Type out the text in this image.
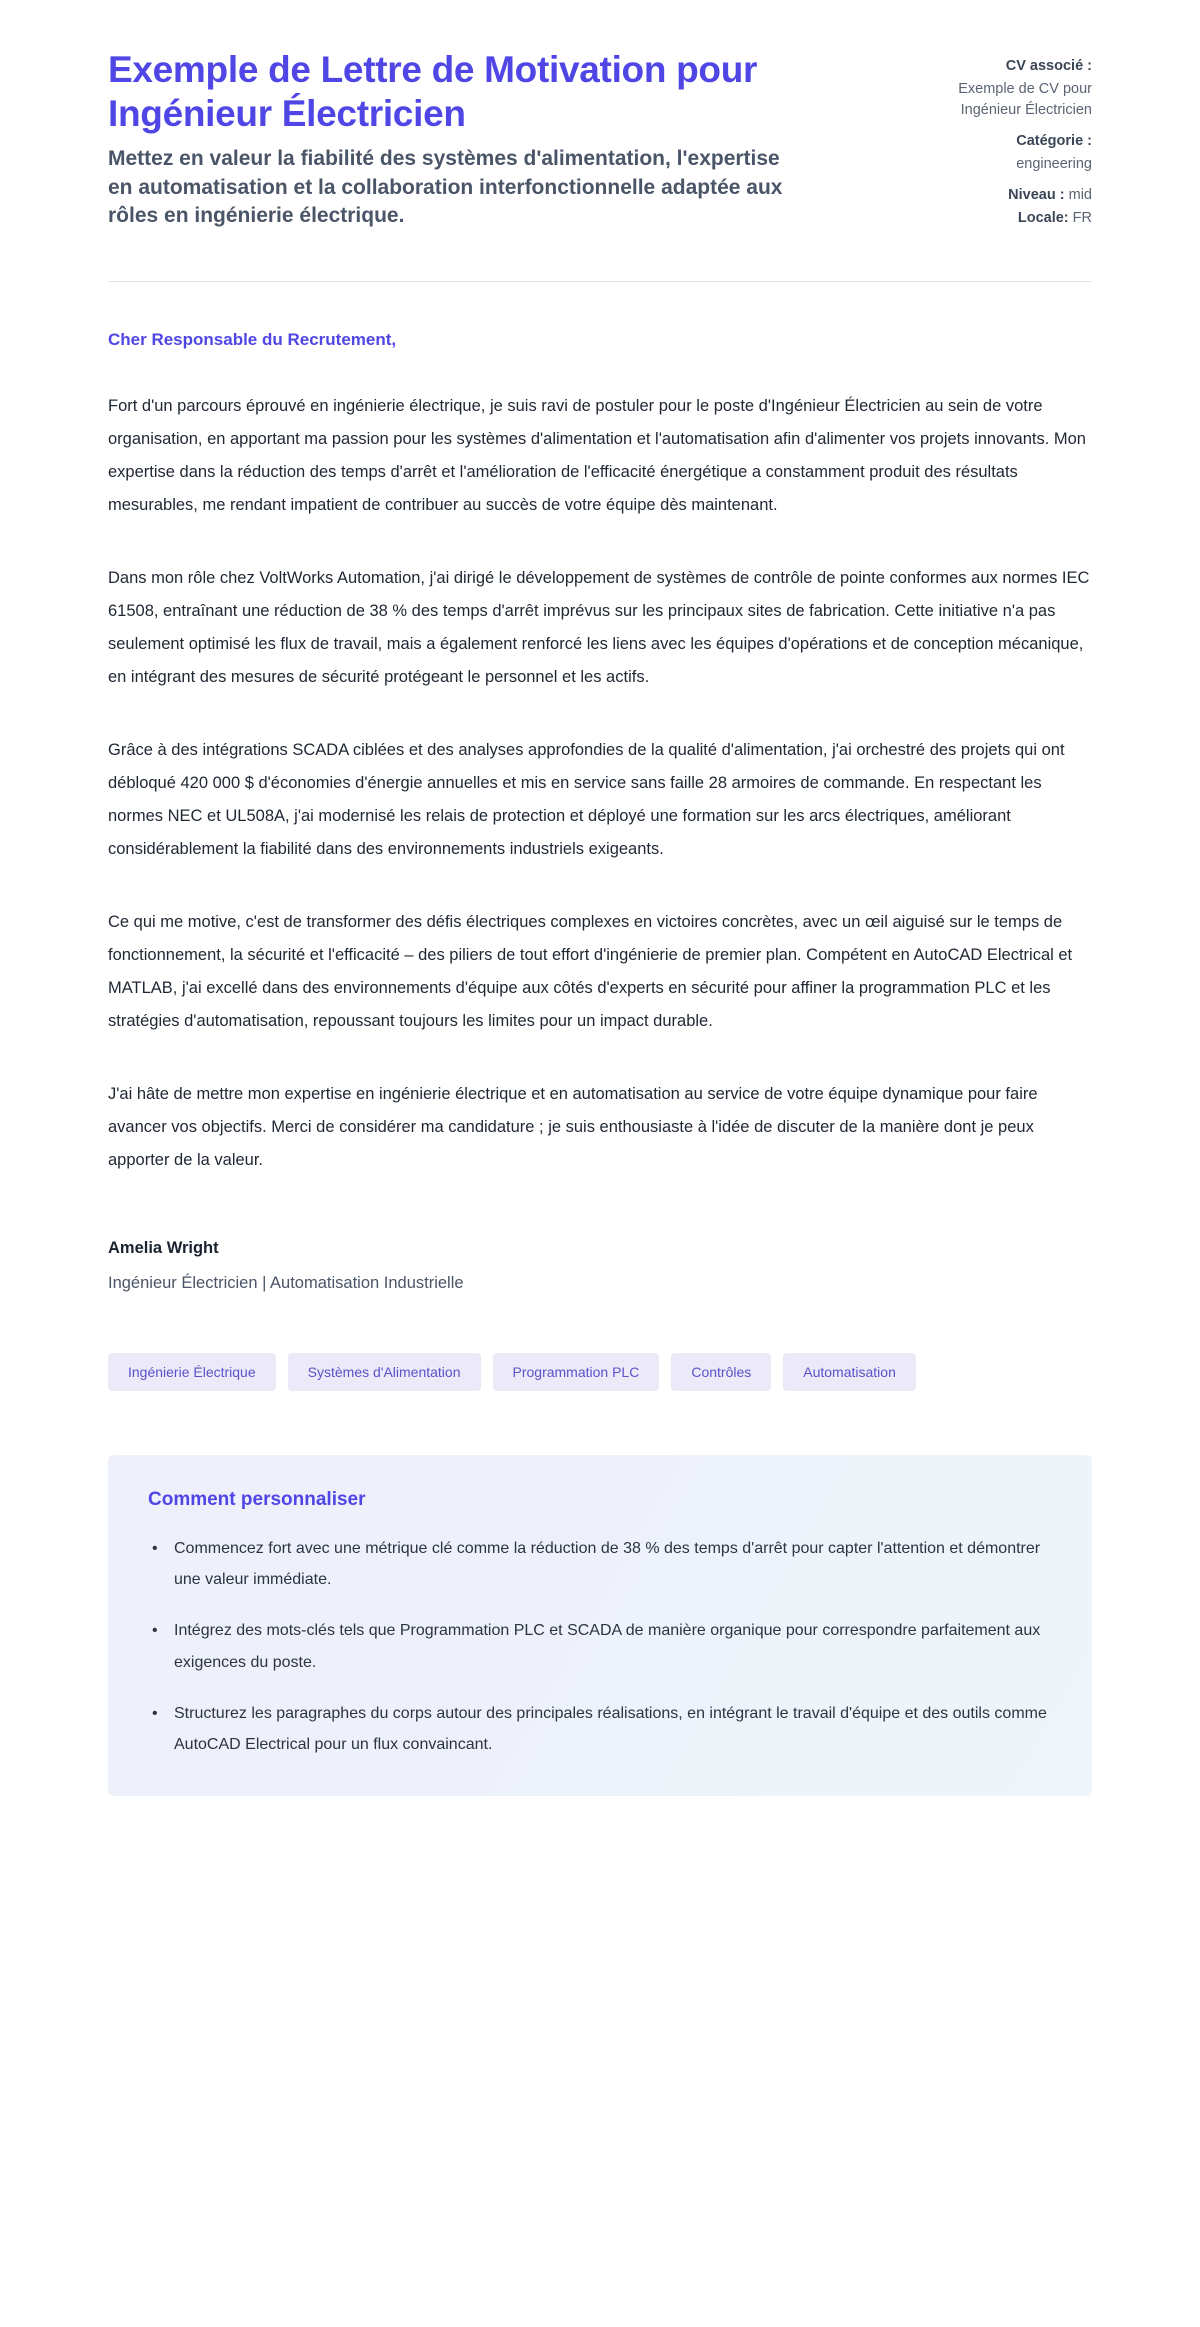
Exemple de Lettre de Motivation pour Ingénieur Électricien

Mettez en valeur la fiabilité des systèmes d'alimentation, l'expertise en automatisation et la collaboration interfonctionnelle adaptée aux rôles en ingénierie électrique.

CV associé :
Exemple de CV pour Ingénieur Électricien
Catégorie :
engineering
Niveau : mid
Locale: FR

Cher Responsable du Recrutement,

Fort d'un parcours éprouvé en ingénierie électrique, je suis ravi de postuler pour le poste d'Ingénieur Électricien au sein de votre organisation, en apportant ma passion pour les systèmes d'alimentation et l'automatisation afin d'alimenter vos projets innovants. Mon expertise dans la réduction des temps d'arrêt et l'amélioration de l'efficacité énergétique a constamment produit des résultats mesurables, me rendant impatient de contribuer au succès de votre équipe dès maintenant.

Dans mon rôle chez VoltWorks Automation, j'ai dirigé le développement de systèmes de contrôle de pointe conformes aux normes IEC 61508, entraînant une réduction de 38 % des temps d'arrêt imprévus sur les principaux sites de fabrication. Cette initiative n'a pas seulement optimisé les flux de travail, mais a également renforcé les liens avec les équipes d'opérations et de conception mécanique, en intégrant des mesures de sécurité protégeant le personnel et les actifs.

Grâce à des intégrations SCADA ciblées et des analyses approfondies de la qualité d'alimentation, j'ai orchestré des projets qui ont débloqué 420 000 $ d'économies d'énergie annuelles et mis en service sans faille 28 armoires de commande. En respectant les normes NEC et UL508A, j'ai modernisé les relais de protection et déployé une formation sur les arcs électriques, améliorant considérablement la fiabilité dans des environnements industriels exigeants.

Ce qui me motive, c'est de transformer des défis électriques complexes en victoires concrètes, avec un œil aiguisé sur le temps de fonctionnement, la sécurité et l'efficacité – des piliers de tout effort d'ingénierie de premier plan. Compétent en AutoCAD Electrical et MATLAB, j'ai excellé dans des environnements d'équipe aux côtés d'experts en sécurité pour affiner la programmation PLC et les stratégies d'automatisation, repoussant toujours les limites pour un impact durable.

J'ai hâte de mettre mon expertise en ingénierie électrique et en automatisation au service de votre équipe dynamique pour faire avancer vos objectifs. Merci de considérer ma candidature ; je suis enthousiaste à l'idée de discuter de la manière dont je peux apporter de la valeur.

Amelia Wright

Ingénieur Électricien | Automatisation Industrielle

Ingénierie Électrique	Systèmes d'Alimentation	Programmation PLC	Contrôles	Automatisation
Comment personnaliser
• Commencez fort avec une métrique clé comme la réduction de 38 % des temps d'arrêt pour capter l'attention et démontrer une valeur immédiate.
• Intégrez des mots-clés tels que Programmation PLC et SCADA de manière organique pour correspondre parfaitement aux exigences du poste.
• Structurez les paragraphes du corps autour des principales réalisations, en intégrant le travail d'équipe et des outils comme AutoCAD Electrical pour un flux convaincant.
